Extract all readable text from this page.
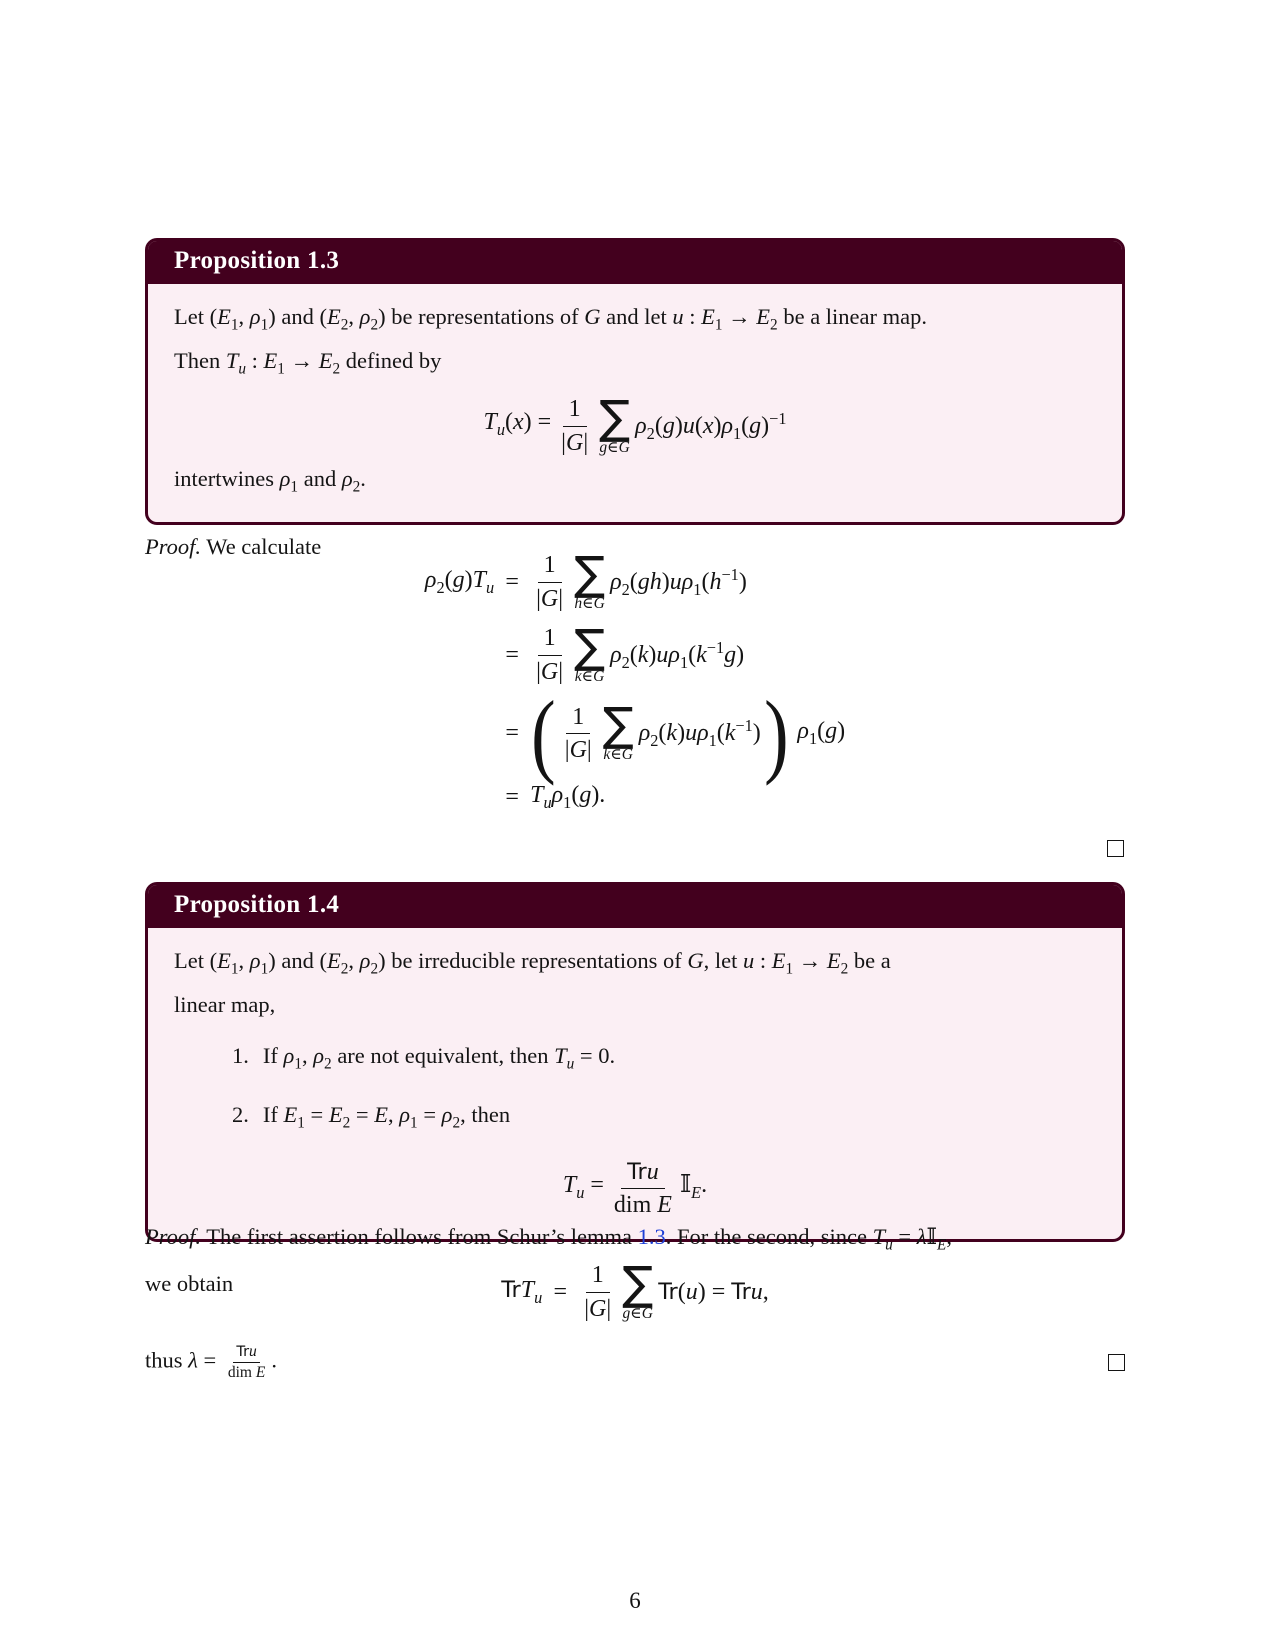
Proposition 1.3
Let ($E_1$, $\rho_1$) and ($E_2$, $\rho_2$) be representations of G and let u : $E_1 \to E_2$ be a linear map.
Then $T_u$ : $E_1 \to E_2$ defined by
$T_u(x) = \frac{1}{|G|}$ ∑
g∈G
$\rho_2(g)u(x)\rho_1(g)^{-1}$
intertwines $\rho_1$ and $\rho_2$.
Proof. We calculate
$\rho_2(g)T_u = \frac{1}{|G|}$ ∑
h∈G
$\rho_2(gh)u\rho_1(h^{-1})$
= $\frac{1}{|G|}$ ∑
k∈G
$\rho_2(k)u\rho_1(k^{-1}g)$
= ( $\frac{1}{|G|}$ ∑
k∈G
$\rho_2(k)u\rho_1(k^{-1})$ ) $\rho_1(g)$
= $T_u\rho_1(g)$.
Proposition 1.4
Let ($E_1$, $\rho_1$) and ($E_2$, $\rho_2$) be irreducible representations of G, let u : $E_1 \to E_2$ be a
linear map,
1. If $\rho_1$, $\rho_2$ are not equivalent, then $T_u = 0$.
2. If $E_1 = E_2 = E$, $\rho_1 = \rho_2$, then
$T_u = \frac{\text{Tru}}{\text{dim E}}$ 𝕀$_E$.
Proof. The first assertion follows from Schur’s lemma 1.3. For the second, since $T_u$ = λ𝕀$_E$,
we obtain	$TrT_u = \frac{1}{|G|}$ ∑
g∈G
Tr(u) = Tru,
thus $\lambda = \frac{\text{Tru}}{\text{dim E}}$ .
6
